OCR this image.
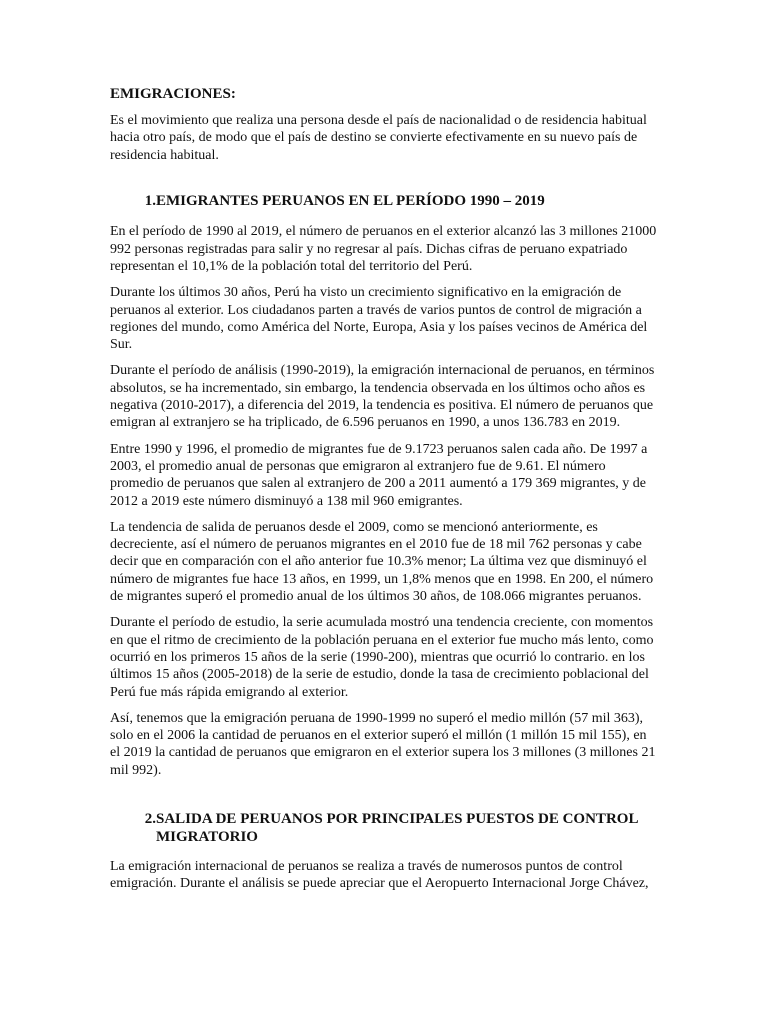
EMIGRACIONES:

Es el movimiento que realiza una persona desde el país de nacionalidad o de residencia habitual hacia otro país, de modo que el país de destino se convierte efectivamente en su nuevo país de residencia habitual.

1. EMIGRANTES PERUANOS EN EL PERÍODO 1990 – 2019

En el período de 1990 al 2019, el número de peruanos en el exterior alcanzó las 3 millones 21000 992 personas registradas para salir y no regresar al país. Dichas cifras de peruano expatriado representan el 10,1% de la población total del territorio del Perú.

Durante los últimos 30 años, Perú ha visto un crecimiento significativo en la emigración de peruanos al exterior. Los ciudadanos parten a través de varios puntos de control de migración a regiones del mundo, como América del Norte, Europa, Asia y los países vecinos de América del Sur.

Durante el período de análisis (1990-2019), la emigración internacional de peruanos, en términos absolutos, se ha incrementado, sin embargo, la tendencia observada en los últimos ocho años es negativa (2010-2017), a diferencia del 2019, la tendencia es positiva. El número de peruanos que emigran al extranjero se ha triplicado, de 6.596 peruanos en 1990, a unos 136.783 en 2019.

Entre 1990 y 1996, el promedio de migrantes fue de 9.1723 peruanos salen cada año. De 1997 a 2003, el promedio anual de personas que emigraron al extranjero fue de 9.61. El número promedio de peruanos que salen al extranjero de 200 a 2011 aumentó a 179 369 migrantes, y de 2012 a 2019 este número disminuyó a 138 mil 960 emigrantes.

La tendencia de salida de peruanos desde el 2009, como se mencionó anteriormente, es decreciente, así el número de peruanos migrantes en el 2010 fue de 18 mil 762 personas y cabe decir que en comparación con el año anterior fue 10.3% menor; La última vez que disminuyó el número de migrantes fue hace 13 años, en 1999, un 1,8% menos que en 1998. En 200, el número de migrantes superó el promedio anual de los últimos 30 años, de 108.066 migrantes peruanos.

Durante el período de estudio, la serie acumulada mostró una tendencia creciente, con momentos en que el ritmo de crecimiento de la población peruana en el exterior fue mucho más lento, como ocurrió en los primeros 15 años de la serie (1990-200), mientras que ocurrió lo contrario. en los últimos 15 años (2005-2018) de la serie de estudio, donde la tasa de crecimiento poblacional del Perú fue más rápida emigrando al exterior.

Así, tenemos que la emigración peruana de 1990-1999 no superó el medio millón (57 mil 363), solo en el 2006 la cantidad de peruanos en el exterior superó el millón (1 millón 15 mil 155), en el 2019 la cantidad de peruanos que emigraron en el exterior supera los 3 millones (3 millones 21 mil 992).

2. SALIDA DE PERUANOS POR PRINCIPALES PUESTOS DE CONTROL MIGRATORIO

La emigración internacional de peruanos se realiza a través de numerosos puntos de control emigración. Durante el análisis se puede apreciar que el Aeropuerto Internacional Jorge Chávez,
